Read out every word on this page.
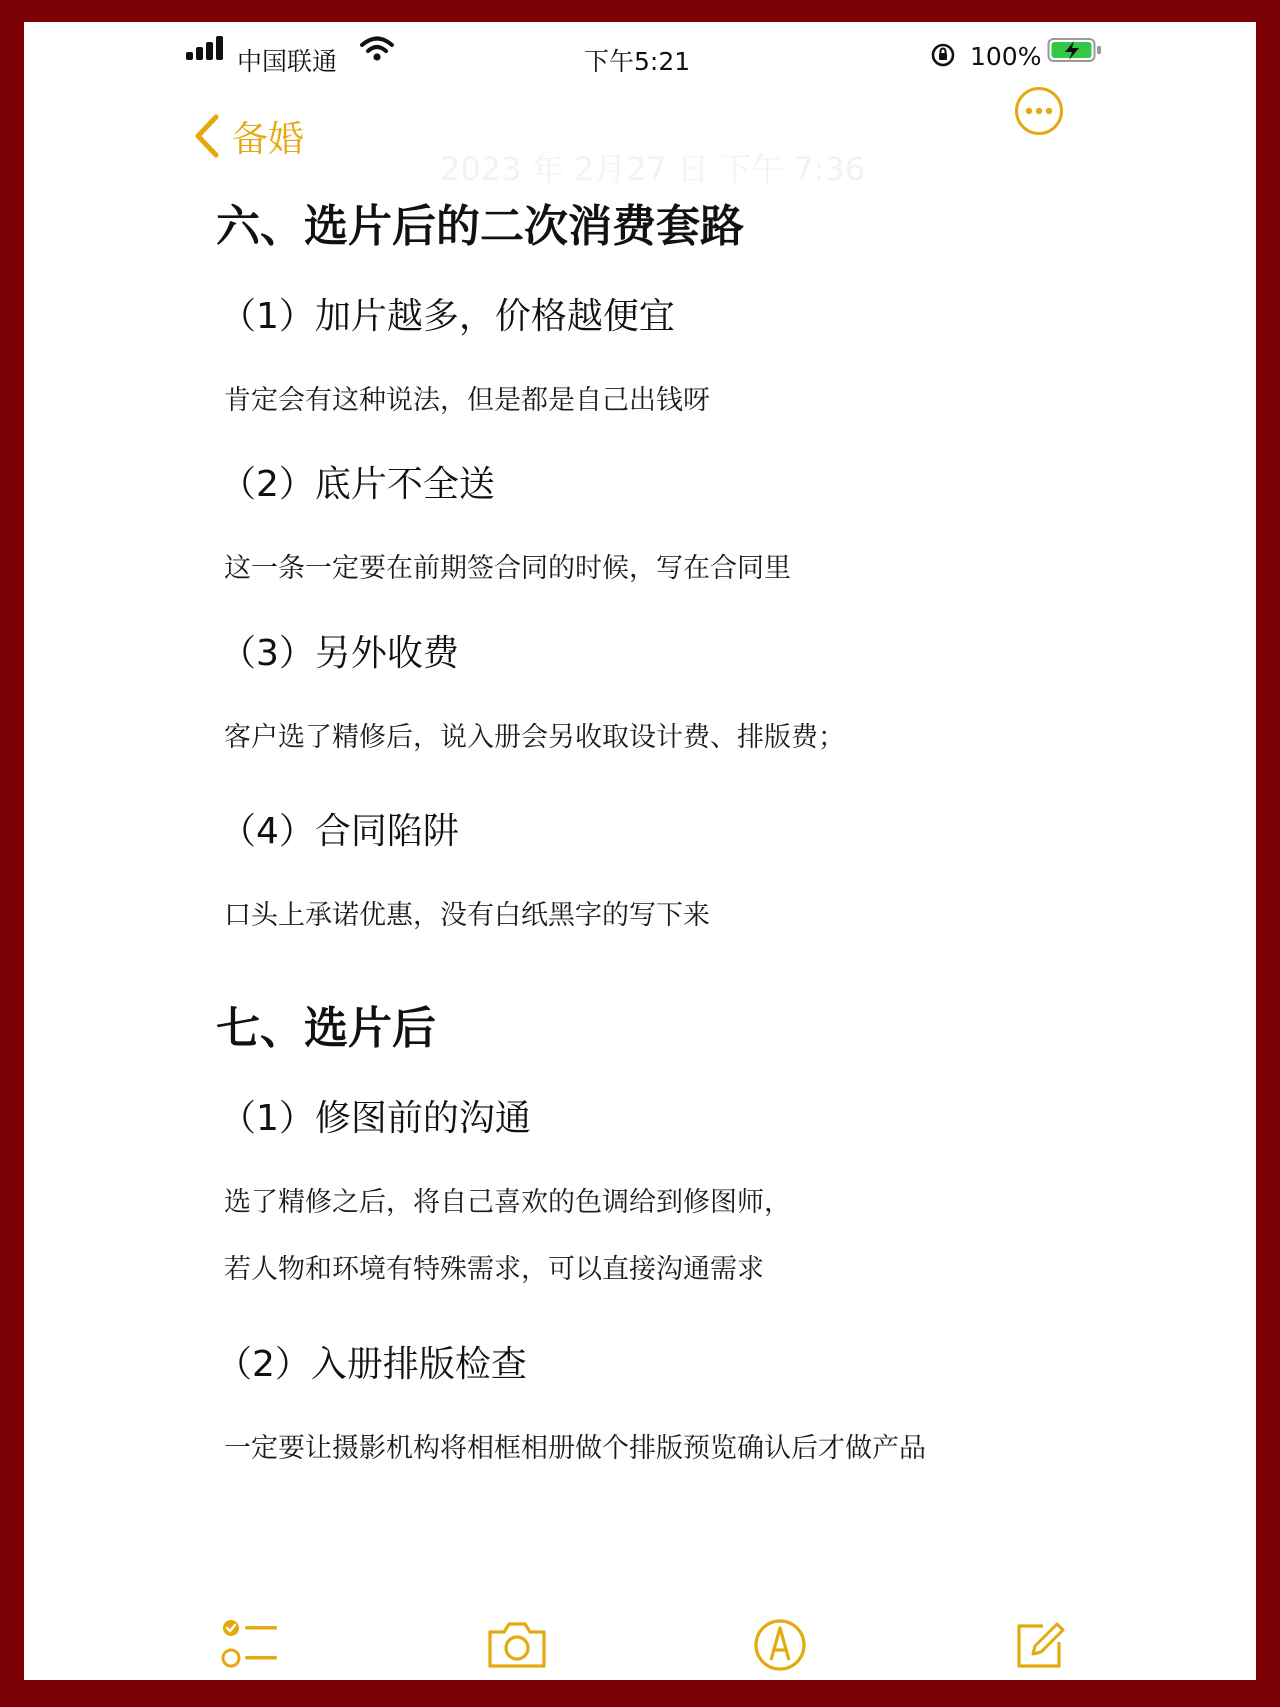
中国联通	下午5:21	100%
备婚
2023 年 2月27 日 下午 7:36
六、选片后的二次消费套路
（1）加片越多，价格越便宜
肯定会有这种说法，但是都是自己出钱呀
（2）底片不全送
这一条一定要在前期签合同的时候，写在合同里
（3）另外收费
客户选了精修后，说入册会另收取设计费、排版费；
（4）合同陷阱
口头上承诺优惠，没有白纸黑字的写下来
七、选片后
（1）修图前的沟通
选了精修之后，将自己喜欢的色调给到修图师，
若人物和环境有特殊需求，可以直接沟通需求
（2）入册排版检查
一定要让摄影机构将相框相册做个排版预览确认后才做产品
